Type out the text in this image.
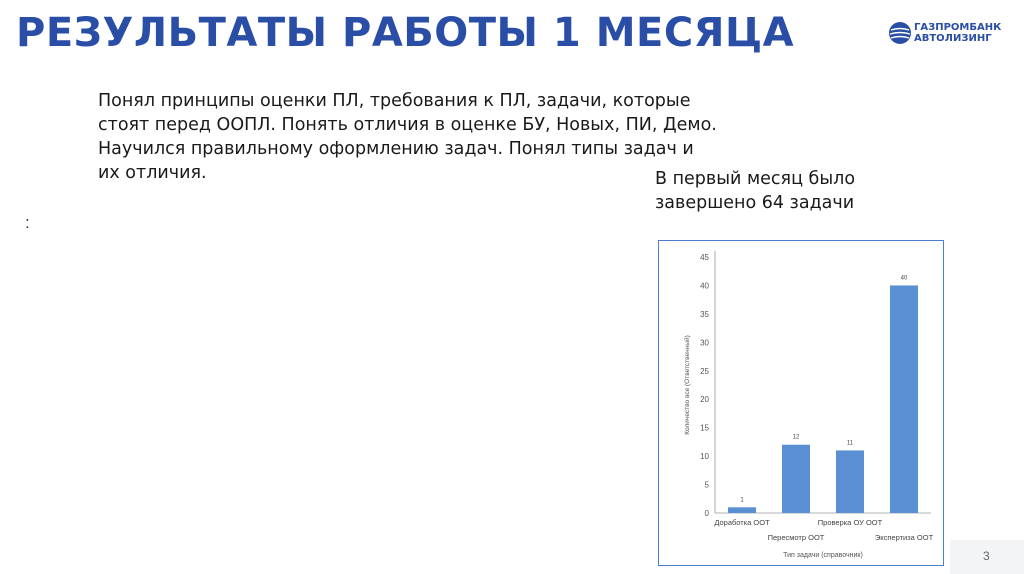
РЕЗУЛЬТАТЫ РАБОТЫ 1 МЕСЯЦА	ГАЗПРОМБАНК
АВТОЛИЗИНГ
Понял принципы оценки ПЛ, требования к ПЛ, задачи, которые
стоят перед ООПЛ. Понять отличия в оценке БУ, Новых, ПИ, Демо.
Научился правильному оформлению задач. Понял типы задач и
их отличия.
:
В первый месяц было
завершено 64 задачи
0
5
10
15
20
25
30
35
40
45
1
Доработка ООТ
12
Пересмотр ООТ
11
Проверка ОУ ООТ
40
Экспертиза ООТ
Тип задачи (справочник)
Количество все (Ответственный)
3
